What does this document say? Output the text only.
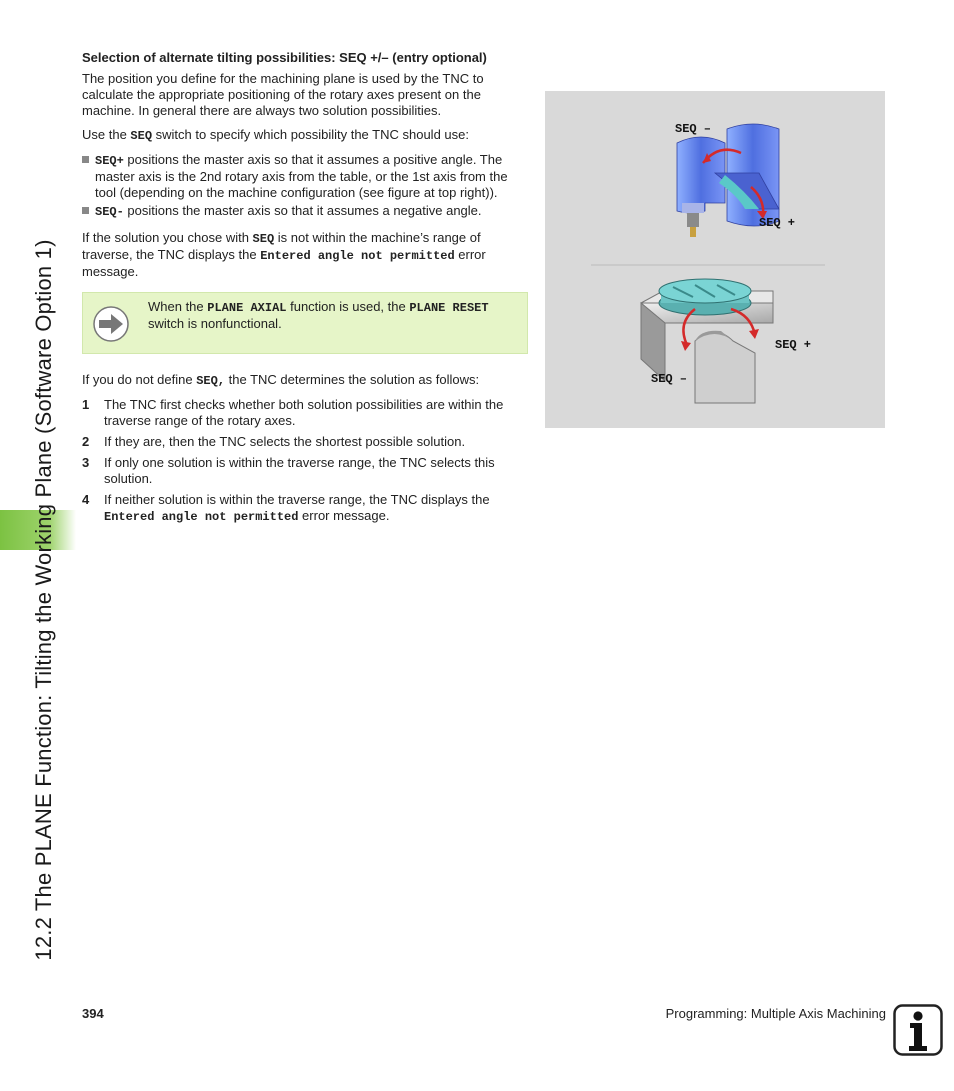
12.2 The PLANE Function: Tilting the Working Plane (Software Option 1)

Selection of alternate tilting possibilities: SEQ +/– (entry optional)

The position you define for the machining plane is used by the TNC to calculate the appropriate positioning of the rotary axes present on the machine. In general there are always two solution possibilities.

Use the SEQ switch to specify which possibility the TNC should use:

SEQ+ positions the master axis so that it assumes a positive angle. The master axis is the 2nd rotary axis from the table, or the 1st axis from the tool (depending on the machine configuration (see figure at top right)).
SEQ- positions the master axis so that it assumes a negative angle.

If the solution you chose with SEQ is not within the machine’s range of traverse, the TNC displays the Entered angle not permitted error message.

When the PLANE AXIAL function is used, the PLANE RESET switch is nonfunctional.

If you do not define SEQ, the TNC determines the solution as follows:

1 The TNC first checks whether both solution possibilities are within the traverse range of the rotary axes.
2 If they are, then the TNC selects the shortest possible solution.
3 If only one solution is within the traverse range, the TNC selects this solution.
4 If neither solution is within the traverse range, the TNC displays the Entered angle not permitted error message.
SEQ –
SEQ +
SEQ +
SEQ –
394	Programming: Multiple Axis Machining
